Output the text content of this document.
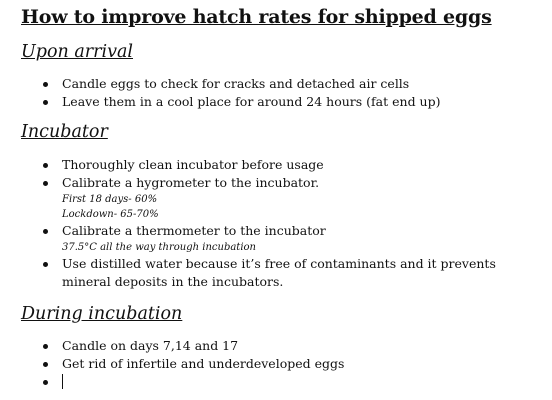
How to improve hatch rates for shipped eggs
Upon arrival
Candle eggs to check for cracks and detached air cells
Leave them in a cool place for around 24 hours (fat end up)
Incubator
Thoroughly clean incubator before usage
Calibrate a hygrometer to the incubator.
First 18 days- 60%
Lockdown- 65-70%
Calibrate a thermometer to the incubator
37.5°C all the way through incubation
Use distilled water because it’s free of contaminants and it prevents mineral deposits in the incubators.
During incubation
Candle on days 7,14 and 17
Get rid of infertile and underdeveloped eggs
